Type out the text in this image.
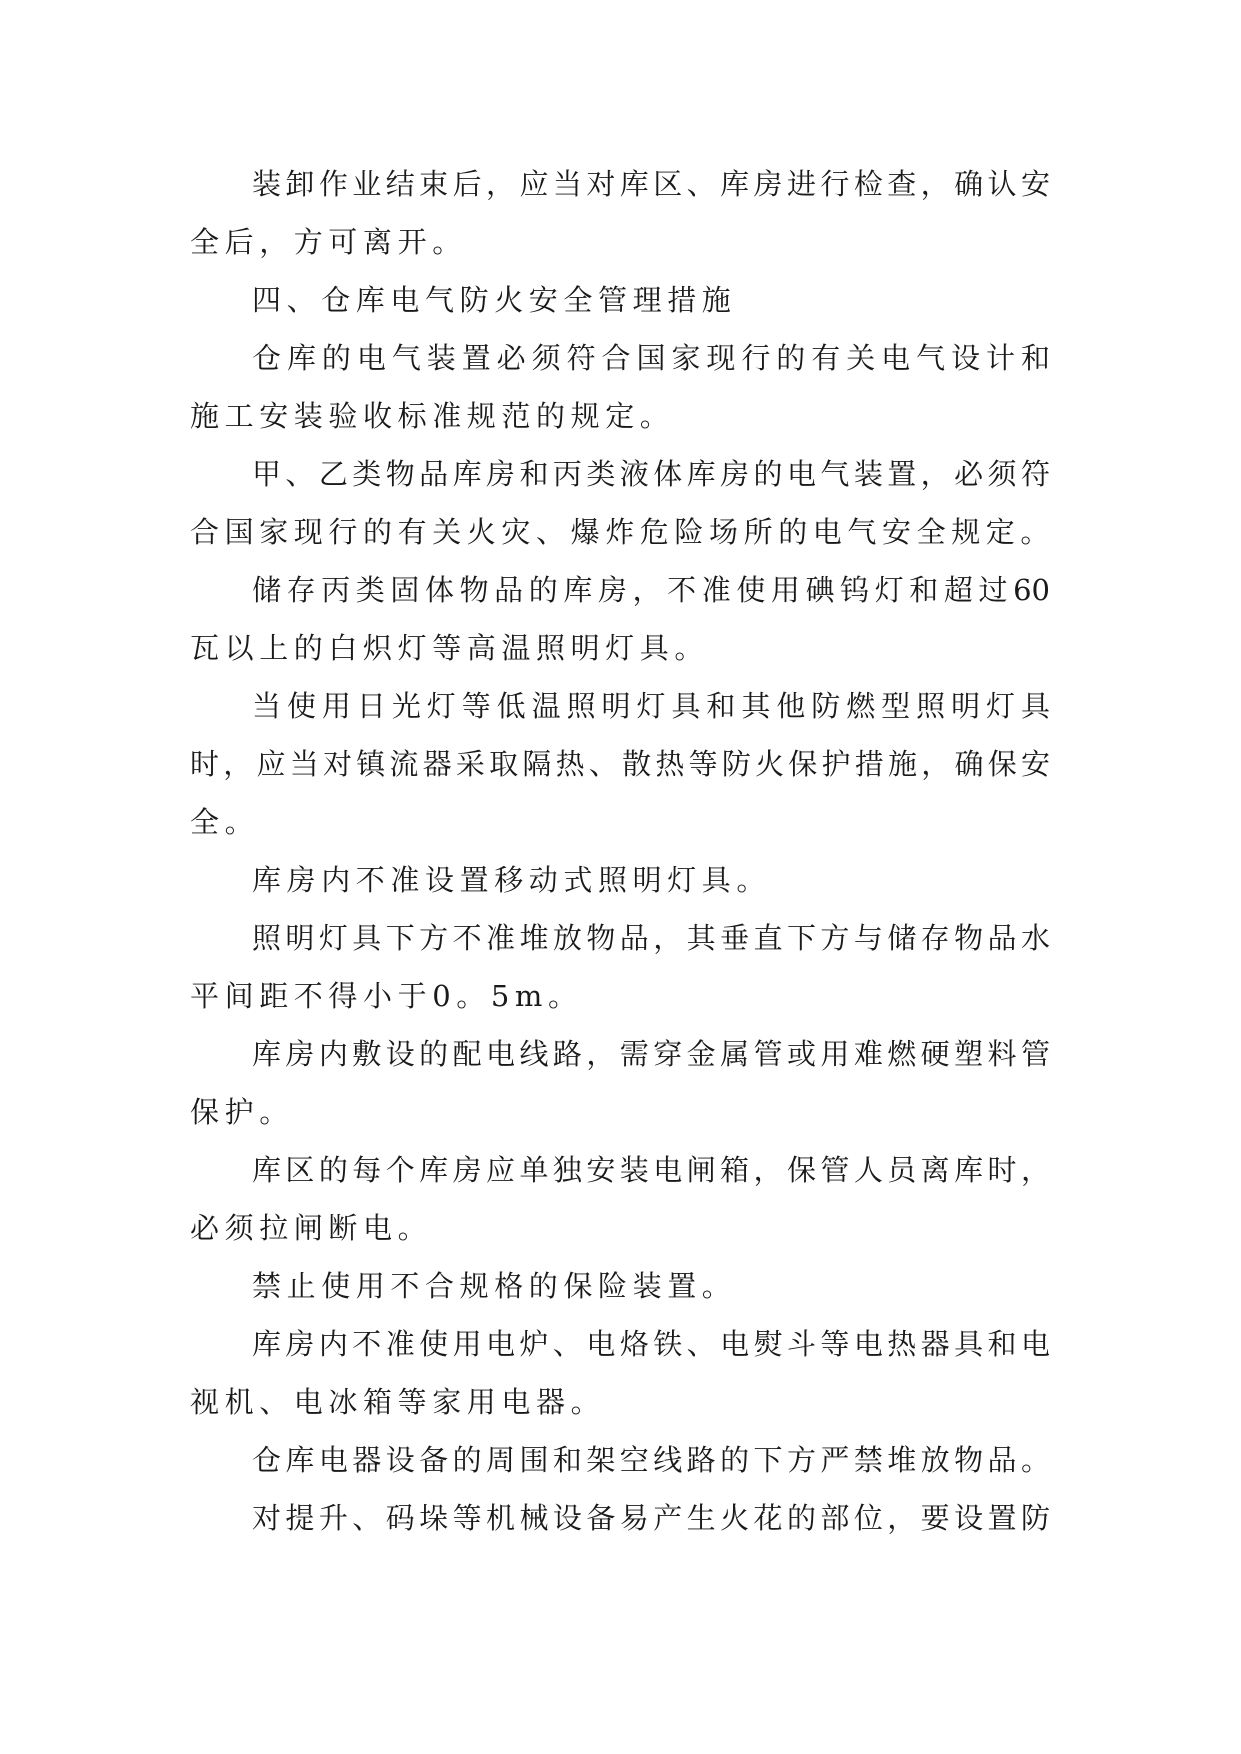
装卸作业结束后，应当对库区、库房进行检查，确认安

全后，方可离开。

四、仓库电气防火安全管理措施

仓库的电气装置必须符合国家现行的有关电气设计和

施工安装验收标准规范的规定。

甲、乙类物品库房和丙类液体库房的电气装置，必须符

合国家现行的有关火灾、爆炸危险场所的电气安全规定。

储存丙类固体物品的库房，不准使用碘钨灯和超过60

瓦以上的白炽灯等高温照明灯具。

当使用日光灯等低温照明灯具和其他防燃型照明灯具

时，应当对镇流器采取隔热、散热等防火保护措施，确保安

全。

库房内不准设置移动式照明灯具。

照明灯具下方不准堆放物品，其垂直下方与储存物品水

平间距不得小于0。5m。

库房内敷设的配电线路，需穿金属管或用难燃硬塑料管

保护。

库区的每个库房应单独安装电闸箱，保管人员离库时，

必须拉闸断电。

禁止使用不合规格的保险装置。

库房内不准使用电炉、电烙铁、电熨斗等电热器具和电

视机、电冰箱等家用电器。

仓库电器设备的周围和架空线路的下方严禁堆放物品。

对提升、码垛等机械设备易产生火花的部位，要设置防
